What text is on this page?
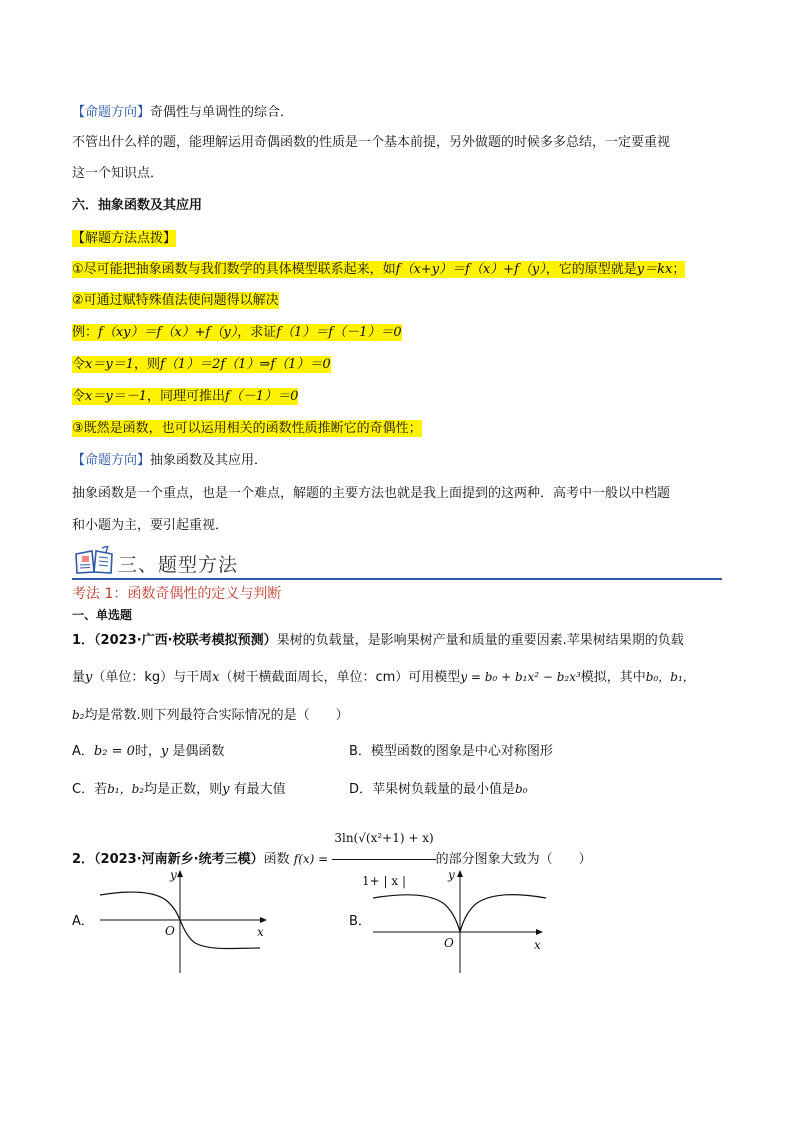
【命题方向】奇偶性与单调性的综合．
不管出什么样的题，能理解运用奇偶函数的性质是一个基本前提，另外做题的时候多多总结，一定要重视
这一个知识点．
六．抽象函数及其应用
【解题方法点拨】
①尽可能把抽象函数与我们数学的具体模型联系起来，如f（x+y）＝f（x）+f（y），它的原型就是y＝kx；
②可通过赋特殊值法使问题得以解决
例：f（xy）＝f（x）+f（y），求证f（1）＝f（－1）＝0
令x＝y＝1，则f（1）＝2f（1）⇒f（1）＝0
令x＝y＝－1，同理可推出f（－1）＝0
③既然是函数，也可以运用相关的函数性质推断它的奇偶性；
【命题方向】抽象函数及其应用．
抽象函数是一个重点，也是一个难点，解题的主要方法也就是我上面提到的这两种．高考中一般以中档题
和小题为主，要引起重视．
三、题型方法
考法 1：函数奇偶性的定义与判断
一、单选题
1．（2023·广西·校联考模拟预测）果树的负载量，是影响果树产量和质量的重要因素.苹果树结果期的负载
量y（单位：kg）与干周x（树干横截面周长，单位：cm）可用模型y = b₀ + b₁x² − b₂x³模拟，其中b₀，b₁，
b₂均是常数.则下列最符合实际情况的是（　　）
A．b₂ = 0时，y 是偶函数	B．模型函数的图象是中心对称图形
C．若b₁，b₂均是正数，则y 有最大值	D．苹果树负载量的最小值是b₀
2．（2023·河南新乡·统考三模）函数 $f(x) = \frac{\text{3ln(√(x²+1) + x)}}{1+ | x |}$ 的部分图象大致为（　　）
A．
y
x
O
B．
y
x
O
